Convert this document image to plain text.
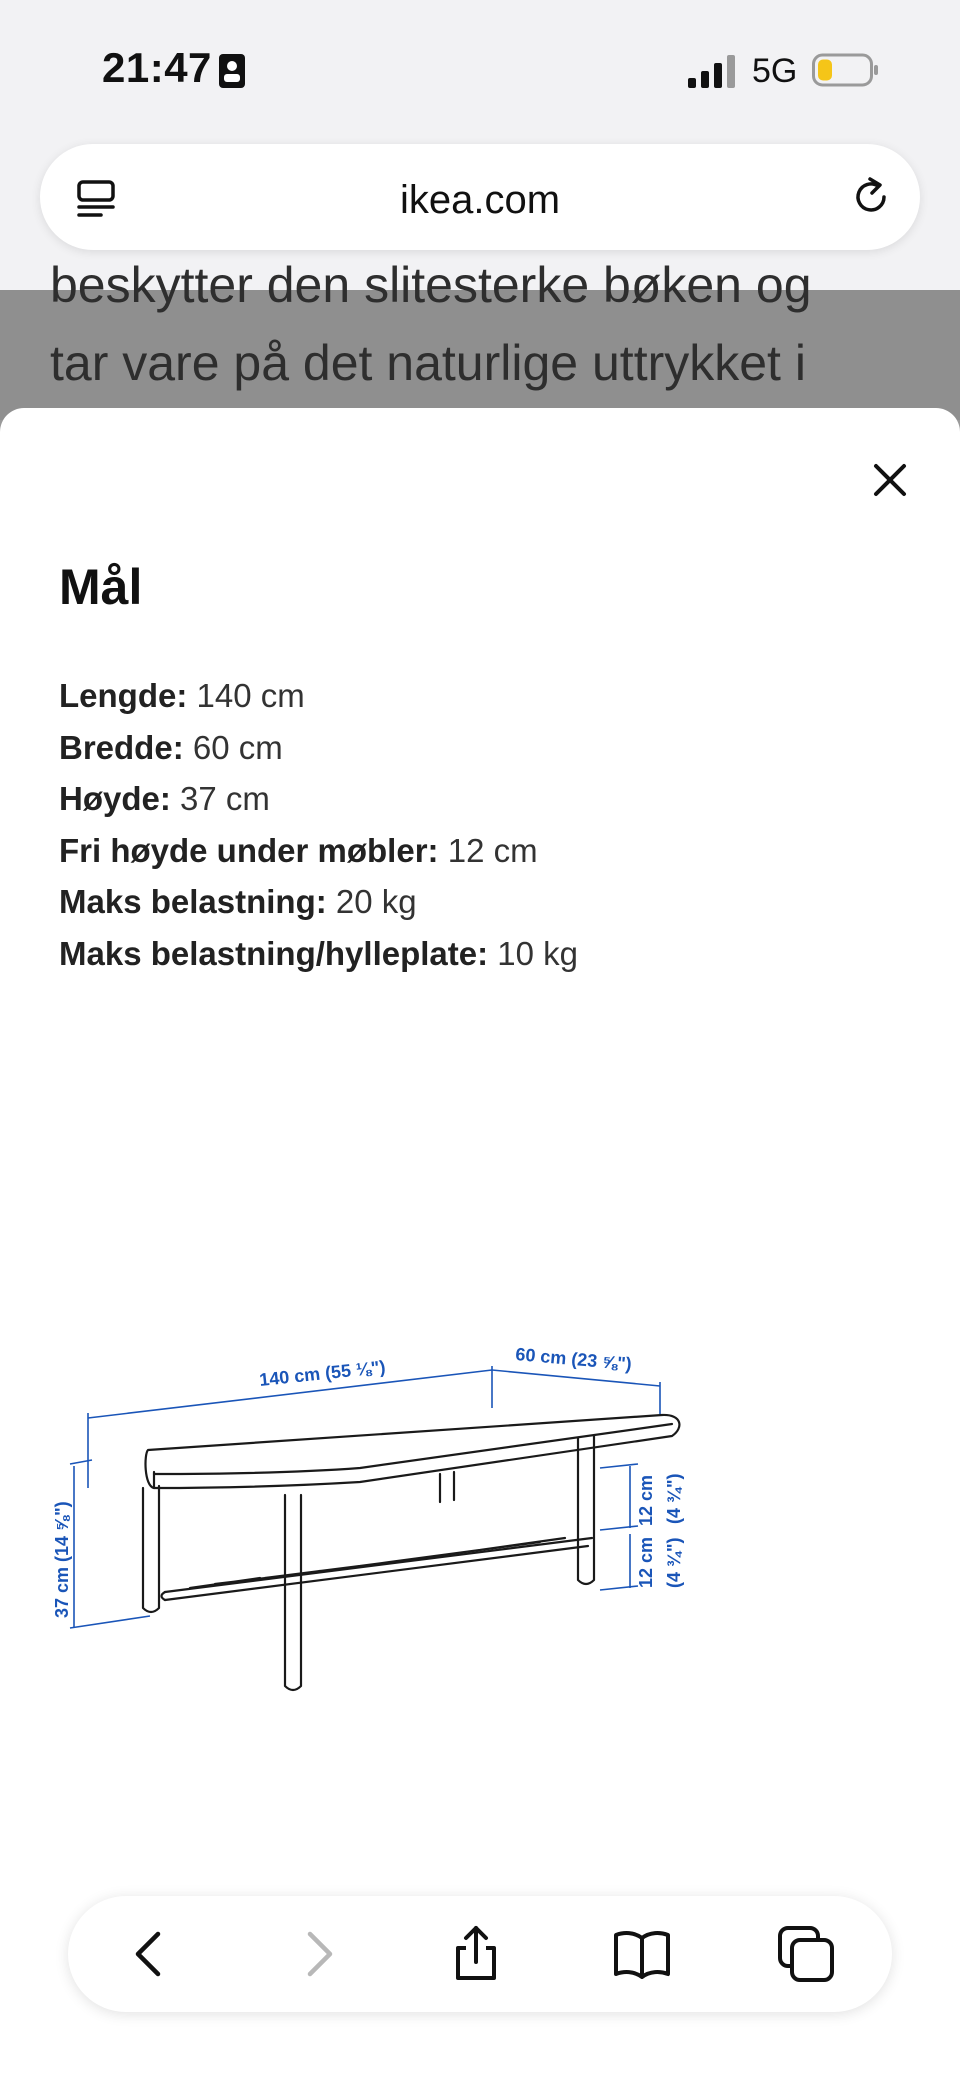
21:47	5G
ikea.com
beskytter den slitesterke bøken og
tar vare på det naturlige uttrykket i
Mål
Lengde: 140 cm
Bredde: 60 cm
Høyde: 37 cm
Fri høyde under møbler: 12 cm
Maks belastning: 20 kg
Maks belastning/hylleplate: 10 kg
140 cm (55 ⅛")	60 cm (23 ⅝")
37 cm (14 ⅝")
12 cm (4 ¾")
12 cm (4 ¾")
